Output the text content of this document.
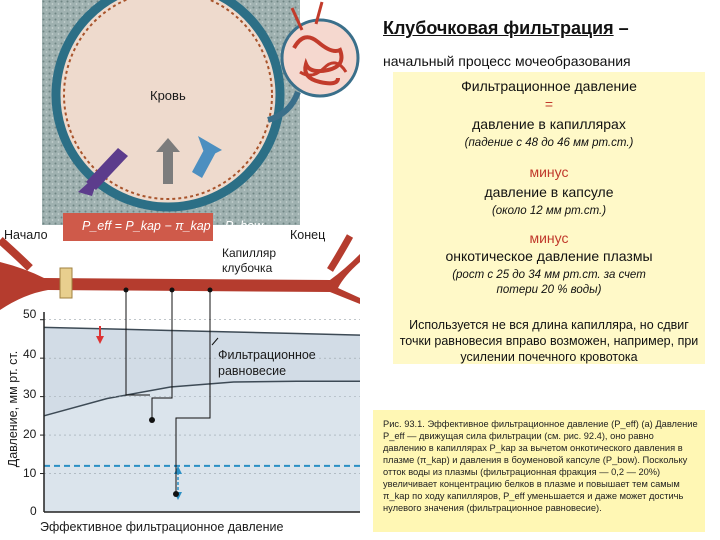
Кровь
Начало	Конец
Капилляр
клубочка
P_eff = P_kap − π_kap − P_bow
Фильтрационное
равновесие
Давление, мм рт. ст.
Эффективное фильтрационное давление
0
10
20
30
40
50
Клубочковая фильтрация –
начальный процесс мочеобразования
Фильтрационное давление
=
давление в капиллярах
(падение с 48 до 46 мм рт.ст.)
минус
давление в капсуле
(около 12 мм рт.ст.)
минус
онкотическое давление плазмы
(рост с 25 до 34 мм рт.ст. за счет
потери 20 % воды)
Используется не вся длина капилляра, но сдвиг точки равновесия вправо возможен, например, при усилении почечного кровотока
Рис. 93.1. Эффективное фильтрационное давление (P_eff) (а) Давление P_eff — движущая сила фильтрации (см. рис. 92.4), оно равно давлению в капиллярах P_kap за вычетом онкотического давления в плазме (π_kap) и давления в боуменовой капсуле (P_bow). Поскольку отток воды из плазмы (фильтрационная фракция — 0,2 — 20%) увеличивает концентрацию белков в плазме и повышает тем самым π_kap по ходу капилляров, P_eff уменьшается и даже может достичь нулевого значения (фильтрационное равновесие).
